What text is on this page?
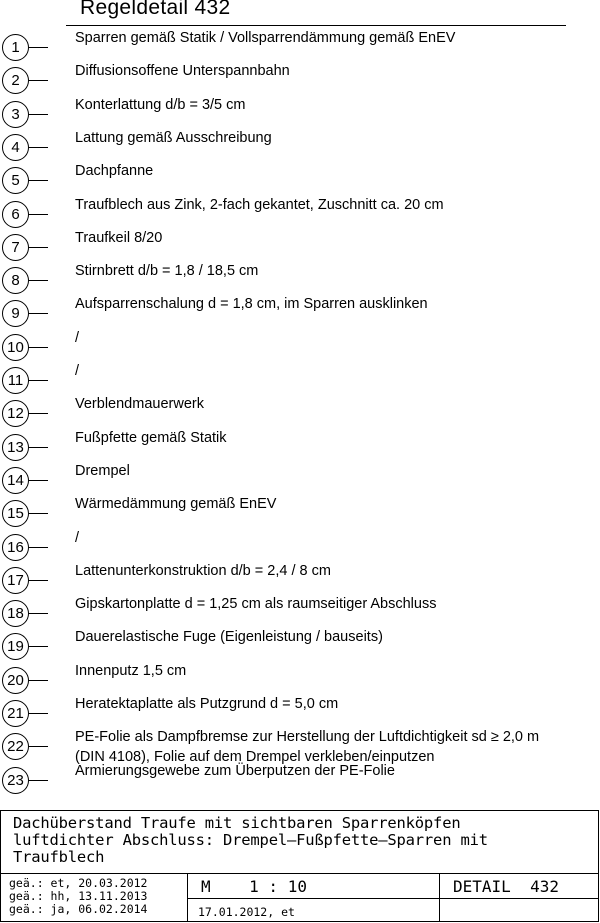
Regeldetail 432
1
Sparren gemäß Statik / Vollsparrendämmung gemäß EnEV
2
Diffusionsoffene Unterspannbahn
3
Konterlattung d/b = 3/5 cm
4
Lattung gemäß Ausschreibung
5
Dachpfanne
6
Traufblech aus Zink, 2-fach gekantet, Zuschnitt ca. 20 cm
7
Traufkeil 8/20
8
Stirnbrett d/b = 1,8 / 18,5 cm
9
Aufsparrenschalung d = 1,8 cm, im Sparren ausklinken
10
/
11
/
12
Verblendmauerwerk
13
Fußpfette gemäß Statik
14
Drempel
15
Wärmedämmung gemäß EnEV
16
/
17
Lattenunterkonstruktion d/b = 2,4 / 8 cm
18
Gipskartonplatte d = 1,25 cm als raumseitiger Abschluss
19
Dauerelastische Fuge (Eigenleistung / bauseits)
20
Innenputz 1,5 cm
21
Heratektaplatte als Putzgrund d = 5,0 cm
22
PE-Folie als Dampfbremse zur Herstellung der Luftdichtigkeit sd ≥ 2,0 m
(DIN 4108), Folie auf dem Drempel verkleben/einputzen
23
Armierungsgewebe zum Überputzen der PE-Folie
Dachüberstand Traufe mit sichtbaren Sparrenköpfen
luftdichter Abschluss: Drempel—Fußpfette—Sparren mit
Traufblech
geä.: et, 20.03.2012
geä.: hh, 13.11.2013
geä.: ja, 06.02.2014
M    1 : 10
17.01.2012, et
DETAIL  432
